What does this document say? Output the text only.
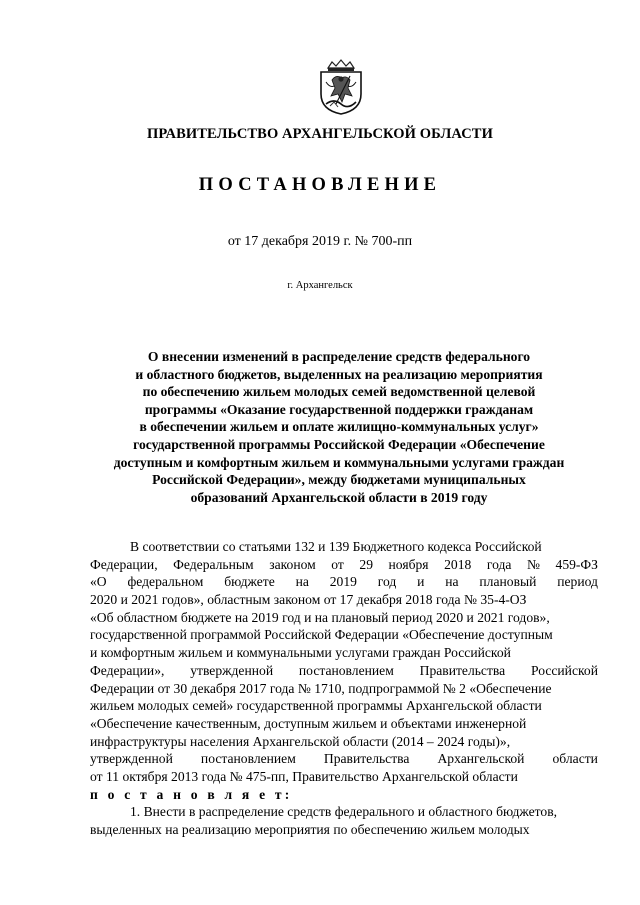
ПРАВИТЕЛЬСТВО АРХАНГЕЛЬСКОЙ ОБЛАСТИ
ПОСТАНОВЛЕНИЕ
от 17 декабря 2019 г. № 700-пп
г. Архангельск
О внесении изменений в распределение средств федерального
и областного бюджетов, выделенных на реализацию мероприятия
по обеспечению жильем молодых семей ведомственной целевой
программы «Оказание государственной поддержки гражданам
в обеспечении жильем и оплате жилищно-коммунальных услуг»
государственной программы Российской Федерации «Обеспечение
доступным и комфортным жильем и коммунальными услугами граждан
Российской Федерации», между бюджетами муниципальных
образований Архангельской области в 2019 году
В соответствии со статьями 132 и 139 Бюджетного кодекса Российской
Федерации, Федеральным законом от 29 ноября 2018 года № 459-ФЗ
«О федеральном бюджете на 2019 год и на плановый период
2020 и 2021 годов», областным законом от 17 декабря 2018 года № 35-4-ОЗ
«Об областном бюджете на 2019 год и на плановый период 2020 и 2021 годов»,
государственной программой Российской Федерации «Обеспечение доступным
и комфортным жильем и коммунальными услугами граждан Российской
Федерации», утвержденной постановлением Правительства Российской
Федерации от 30 декабря 2017 года № 1710, подпрограммой № 2 «Обеспечение
жильем молодых семей» государственной программы Архангельской области
«Обеспечение качественным, доступным жильем и объектами инженерной
инфраструктуры населения Архангельской области (2014 – 2024 годы)»,
утвержденной постановлением Правительства Архангельской области
от 11 октября 2013 года № 475-пп, Правительство Архангельской области
п о с т а н о в л я е т:
1. Внести в распределение средств федерального и областного бюджетов,
выделенных на реализацию мероприятия по обеспечению жильем молодых
